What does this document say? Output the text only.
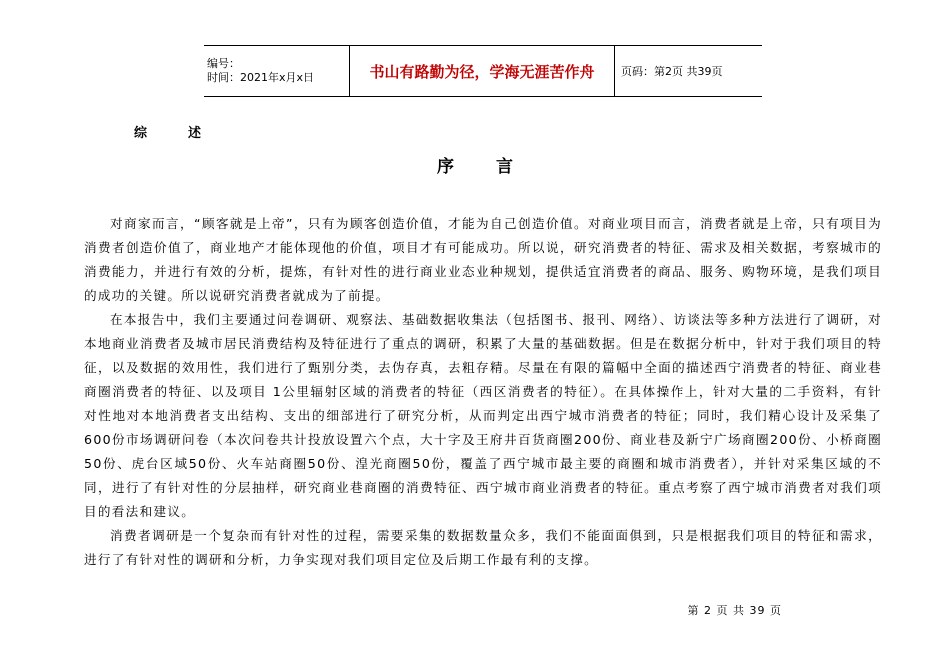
编号：
时间：2021年x月x日	书山有路勤为径，学海无涯苦作舟	页码：第2页 共39页
综　述
序 言

对商家而言，“顾客就是上帝”，只有为顾客创造价值，才能为自己创造价值。对商业项目而言，消费者就是上帝，只有项目为消费者创造价值了，商业地产才能体现他的价值，项目才有可能成功。所以说，研究消费者的特征、需求及相关数据，考察城市的消费能力，并进行有效的分析，提炼，有针对性的进行商业业态业种规划，提供适宜消费者的商品、服务、购物环境，是我们项目的成功的关键。所以说研究消费者就成为了前提。

在本报告中，我们主要通过问卷调研、观察法、基础数据收集法（包括图书、报刊、网络）、访谈法等多种方法进行了调研，对本地商业消费者及城市居民消费结构及特征进行了重点的调研，积累了大量的基础数据。但是在数据分析中，针对于我们项目的特征，以及数据的效用性，我们进行了甄别分类，去伪存真，去粗存精。尽量在有限的篇幅中全面的描述西宁消费者的特征、商业巷商圈消费者的特征、以及项目 1公里辐射区域的消费者的特征（西区消费者的特征）。在具体操作上，针对大量的二手资料，有针对性地对本地消费者支出结构、支出的细部进行了研究分析，从而判定出西宁城市消费者的特征；同时，我们精心设计及采集了 600份市场调研问卷（本次问卷共计投放设置六个点，大十字及王府井百货商圈200份、商业巷及新宁广场商圈200份、小桥商圈50份、虎台区域50份、火车站商圈50份、湟光商圈50份，覆盖了西宁城市最主要的商圈和城市消费者），并针对采集区域的不同，进行了有针对性的分层抽样，研究商业巷商圈的消费特征、西宁城市商业消费者的特征。重点考察了西宁城市消费者对我们项目的看法和建议。

消费者调研是一个复杂而有针对性的过程，需要采集的数据数量众多，我们不能面面俱到，只是根据我们项目的特征和需求，进行了有针对性的调研和分析，力争实现对我们项目定位及后期工作最有利的支撑。

第 2 页 共 39 页
